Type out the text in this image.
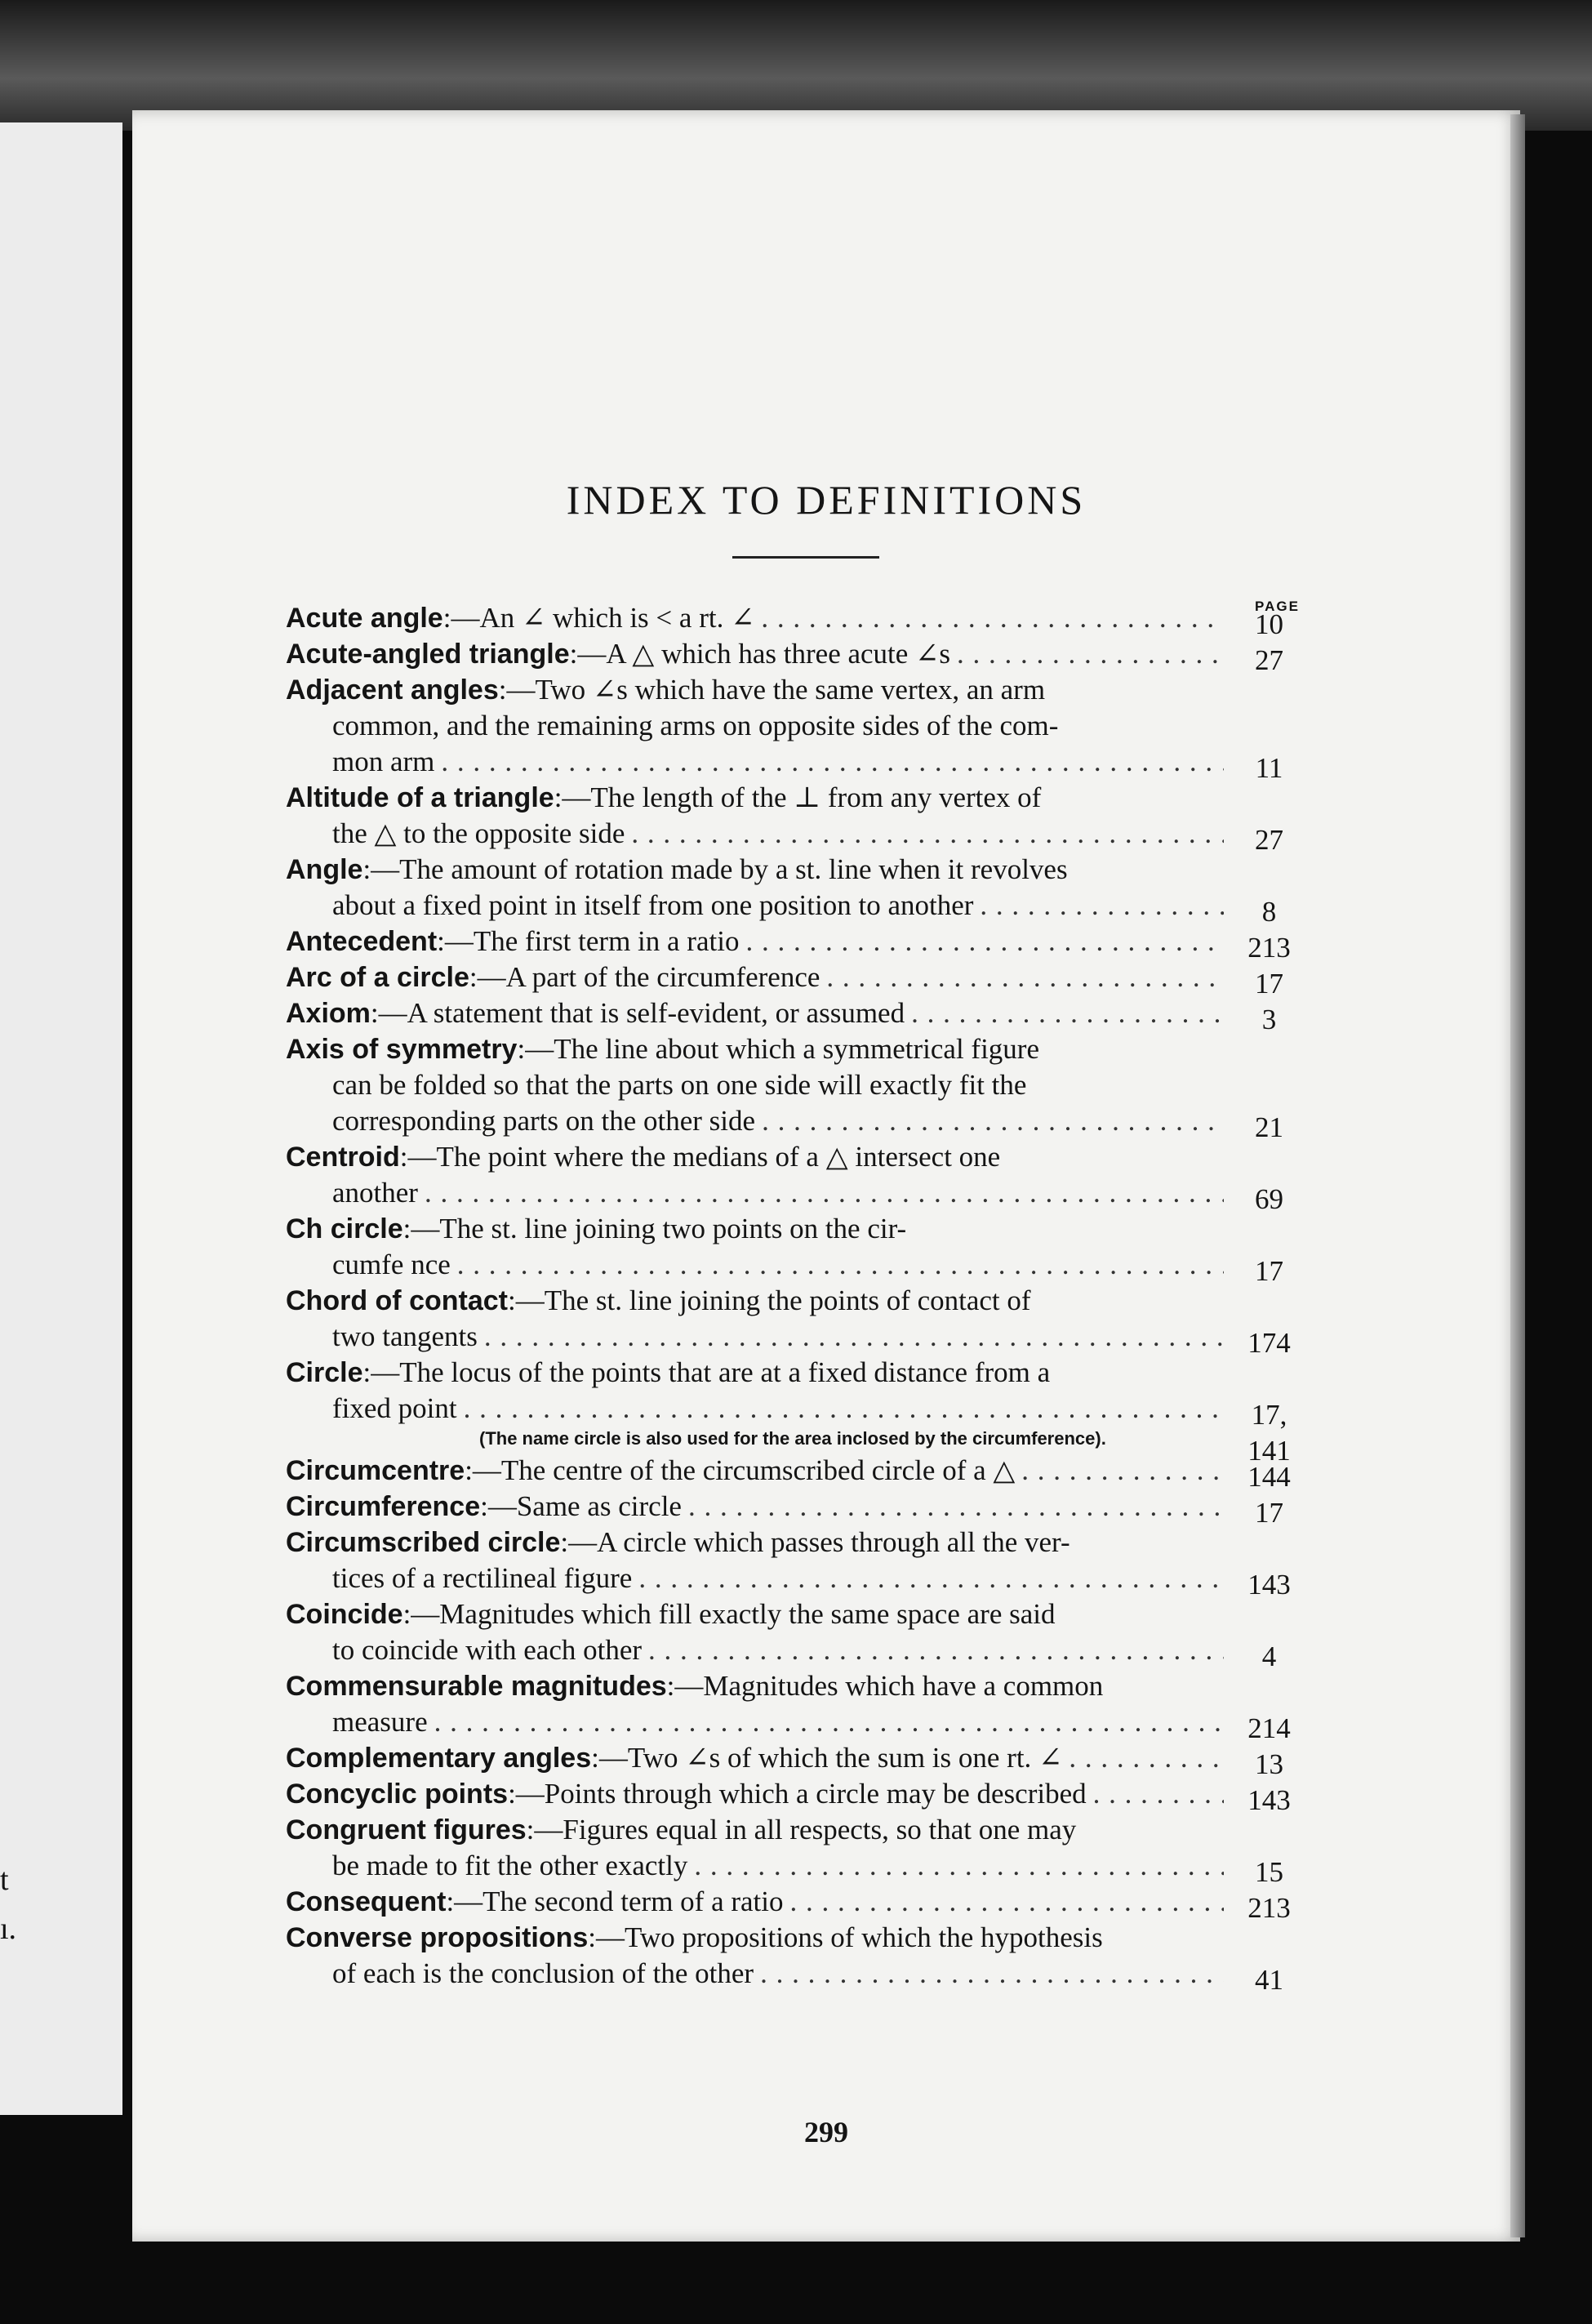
t
ı.
INDEX TO DEFINITIONS
PAGE
Acute angle :—An ∠ which is < a rt. ∠ . . .	10
Acute-angled triangle :—A △ which has three acute ∠s . . .	27
Adjacent angles :—Two ∠s which have the same vertex, an arm
common, and the remaining arms on opposite sides of the com-
mon arm . . .	11
Altitude of a triangle :—The length of the ⊥ from any vertex of
the △ to the opposite side . . .	27
Angle :—The amount of rotation made by a st. line when it revolves
about a fixed point in itself from one position to another . . .	8
Antecedent :—The first term in a ratio . . .	213
Arc of a circle :—A part of the circumference . . .	17
Axiom :—A statement that is self-evident, or assumed . . .	3
Axis of symmetry :—The line about which a symmetrical figure
can be folded so that the parts on one side will exactly fit the
corresponding parts on the other side . . .	21
Centroid :—The point where the medians of a △ intersect one
another . . .	69
Ch circle :—The st. line joining two points on the cir-
cumfe nce . . .	17
Chord of contact :—The st. line joining the points of contact of
two tangents . . .	174
Circle :—The locus of the points that are at a fixed distance from a
fixed point . . .	17, 141
(The name circle is also used for the area inclosed by the circumference).
Circumcentre :—The centre of the circumscribed circle of a △ . . .	144
Circumference :—Same as circle . . .	17
Circumscribed circle :—A circle which passes through all the ver-
tices of a rectilineal figure . . .	143
Coincide :—Magnitudes which fill exactly the same space are said
to coincide with each other . . .	4
Commensurable magnitudes :—Magnitudes which have a common
measure . . .	214
Complementary angles :—Two ∠s of which the sum is one rt. ∠ . . .	13
Concyclic points :—Points through which a circle may be described . . .	143
Congruent figures :—Figures equal in all respects, so that one may
be made to fit the other exactly . . .	15
Consequent :—The second term of a ratio . . .	213
Converse propositions :—Two propositions of which the hypothesis
of each is the conclusion of the other . . .	41
299
